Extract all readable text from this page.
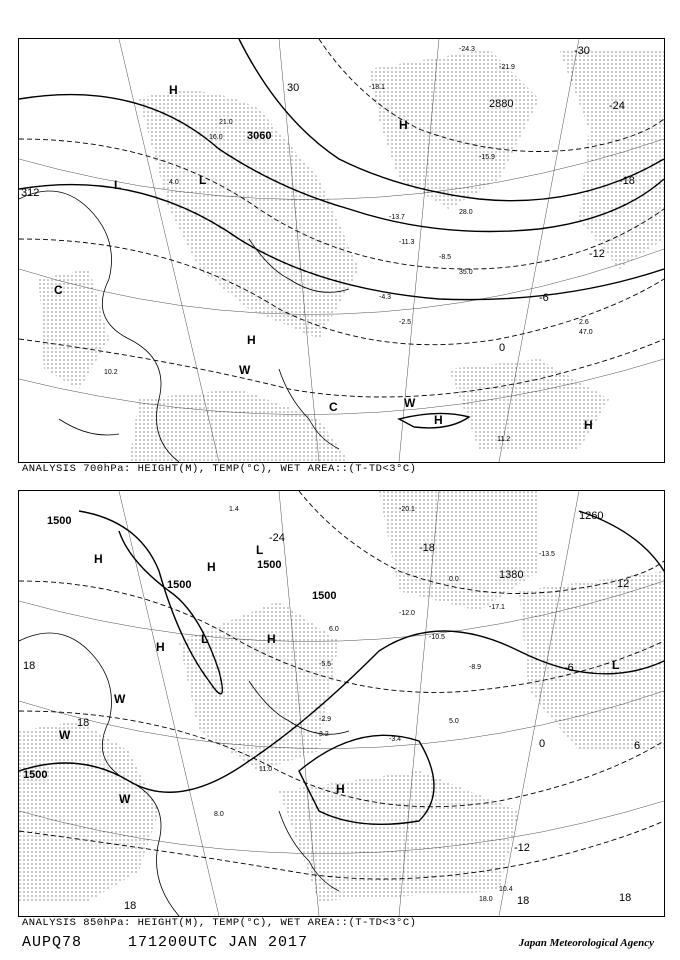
3060
312
2880
30
-30
-24
-18
-12
-6
0
H
H
H
H	H
L
L
C
W
W
C
-24.3
-21.9
-18.1
-15.9
-13.7
-11.3
-8.5
-4.3
-2.5	2.6
4.0
10.2
11.2
16.0
21.0
28.0
35.0
47.0
ANALYSIS 700hPa: HEIGHT(M), TEMP(°C), WET AREA::(T-TD<3°C)
1500
1500
1500
1500
1500
1380
1260
-24
-18
-12
-6
0	6
12
18
18
18	18	18
H
H
H
H
H
L
L
L
W
W
W
-20.1
-17.1
-13.5
-12.0
-10.5
-8.9
-5.5
-3.4
-2.9
0.0
1.4
3.2
5.0
6.0
8.0
11.0
18.0
10.4
ANALYSIS 850hPa: HEIGHT(M), TEMP(°C), WET AREA::(T-TD<3°C)
AUPQ78	171200UTC JAN 2017	Japan Meteorological Agency
